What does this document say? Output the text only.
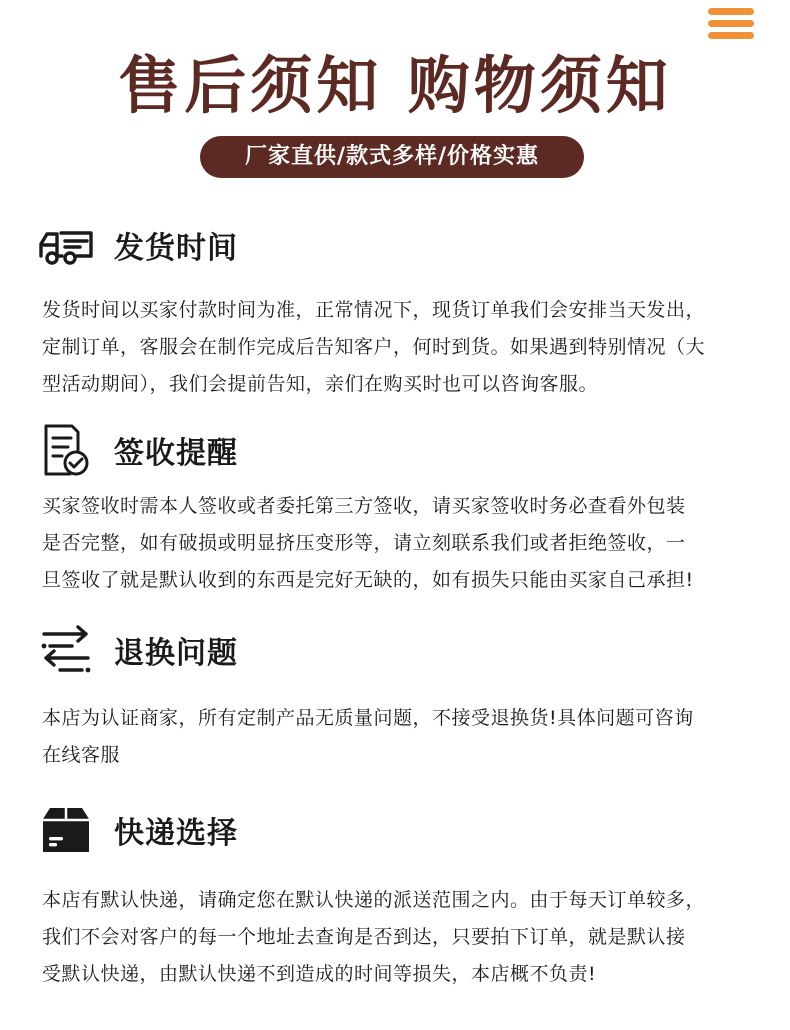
售后须知 购物须知
厂家直供/款式多样/价格实惠
发货时间
发货时间以买家付款时间为准，正常情况下，现货订单我们会安排当天发出，
定制订单，客服会在制作完成后告知客户，何时到货。如果遇到特别情况（大
型活动期间），我们会提前告知，亲们在购买时也可以咨询客服。
签收提醒
买家签收时需本人签收或者委托第三方签收，请买家签收时务必查看外包装
是否完整，如有破损或明显挤压变形等，请立刻联系我们或者拒绝签收，一
旦签收了就是默认收到的东西是完好无缺的，如有损失只能由买家自己承担!
退换问题
本店为认证商家，所有定制产品无质量问题，不接受退换货!具体问题可咨询
在线客服
快递选择
本店有默认快递，请确定您在默认快递的派送范围之内。由于每天订单较多，
我们不会对客户的每一个地址去查询是否到达，只要拍下订单，就是默认接
受默认快递，由默认快递不到造成的时间等损失，本店概不负责!
